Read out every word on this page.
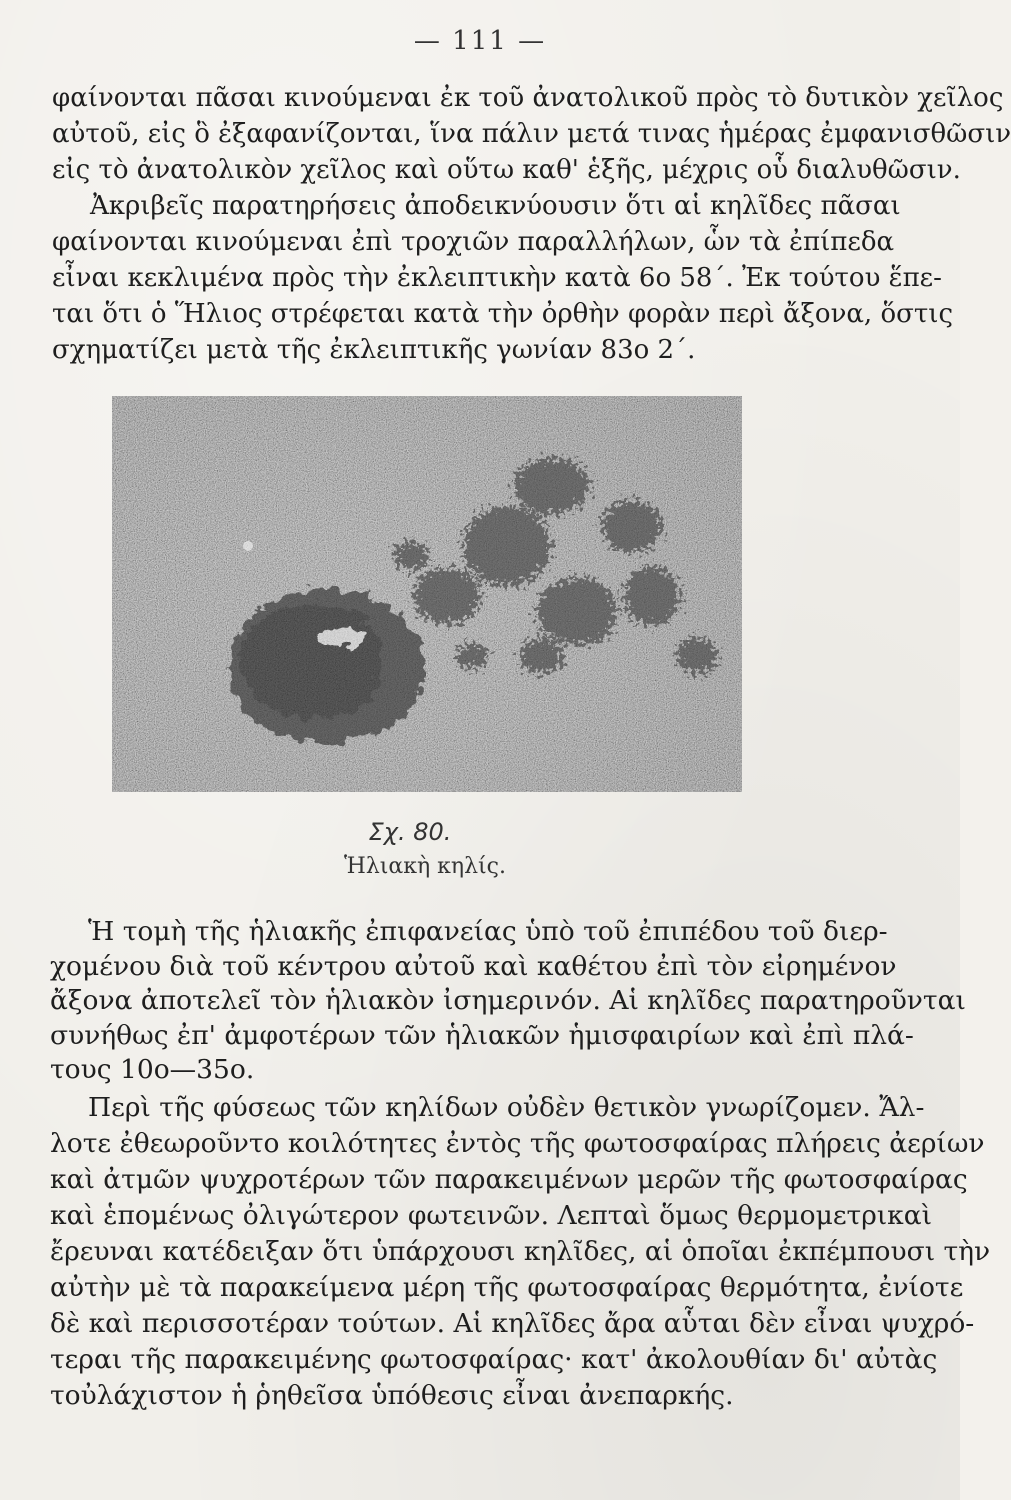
— 111 —
φαίνονται πᾶσαι κινούμεναι ἐκ τοῦ ἀνατολικοῦ πρὸς τὸ δυτικὸν χεῖλος
αὐτοῦ, εἰς ὃ ἐξαφανίζονται, ἵνα πάλιν μετά τινας ἡμέρας ἐμφανισθῶσιν
εἰς τὸ ἀνατολικὸν χεῖλος καὶ οὕτω καθ' ἑξῆς, μέχρις οὗ διαλυθῶσιν.
Ἀκριβεῖς παρατηρήσεις ἀποδεικνύουσιν ὅτι αἱ κηλῖδες πᾶσαι
φαίνονται κινούμεναι ἐπὶ τροχιῶν παραλλήλων, ὧν τὰ ἐπίπεδα
εἶναι κεκλιμένα πρὸς τὴν ἐκλειπτικὴν κατὰ 6ο 58΄. Ἐκ τούτου ἕπε-
ται ὅτι ὁ Ἥλιος στρέφεται κατὰ τὴν ὀρθὴν φορὰν περὶ ἄξονα, ὅστις
σχηματίζει μετὰ τῆς ἐκλειπτικῆς γωνίαν 83ο 2΄.
Σχ. 80.
Ἡλιακὴ κηλίς.
Ἡ τομὴ τῆς ἡλιακῆς ἐπιφανείας ὑπὸ τοῦ ἐπιπέδου τοῦ διερ-
χομένου διὰ τοῦ κέντρου αὐτοῦ καὶ καθέτου ἐπὶ τὸν εἰρημένον
ἄξονα ἀποτελεῖ τὸν ἡλιακὸν ἰσημερινόν. Αἱ κηλῖδες παρατηροῦνται
συνήθως ἐπ' ἀμφοτέρων τῶν ἡλιακῶν ἡμισφαιρίων καὶ ἐπὶ πλά-
τους 10ο—35ο.
Περὶ τῆς φύσεως τῶν κηλίδων οὐδὲν θετικὸν γνωρίζομεν. Ἄλ-
λοτε ἐθεωροῦντο κοιλότητες ἐντὸς τῆς φωτοσφαίρας πλήρεις ἀερίων
καὶ ἀτμῶν ψυχροτέρων τῶν παρακειμένων μερῶν τῆς φωτοσφαίρας
καὶ ἑπομένως ὀλιγώτερον φωτεινῶν. Λεπταὶ ὅμως θερμομετρικαὶ
ἔρευναι κατέδειξαν ὅτι ὑπάρχουσι κηλῖδες, αἱ ὁποῖαι ἐκπέμπουσι τὴν
αὐτὴν μὲ τὰ παρακείμενα μέρη τῆς φωτοσφαίρας θερμότητα, ἐνίοτε
δὲ καὶ περισσοτέραν τούτων. Αἱ κηλῖδες ἄρα αὗται δὲν εἶναι ψυχρό-
τεραι τῆς παρακειμένης φωτοσφαίρας· κατ' ἀκολουθίαν δι' αὐτὰς
τοὐλάχιστον ἡ ῥηθεῖσα ὑπόθεσις εἶναι ἀνεπαρκής.
